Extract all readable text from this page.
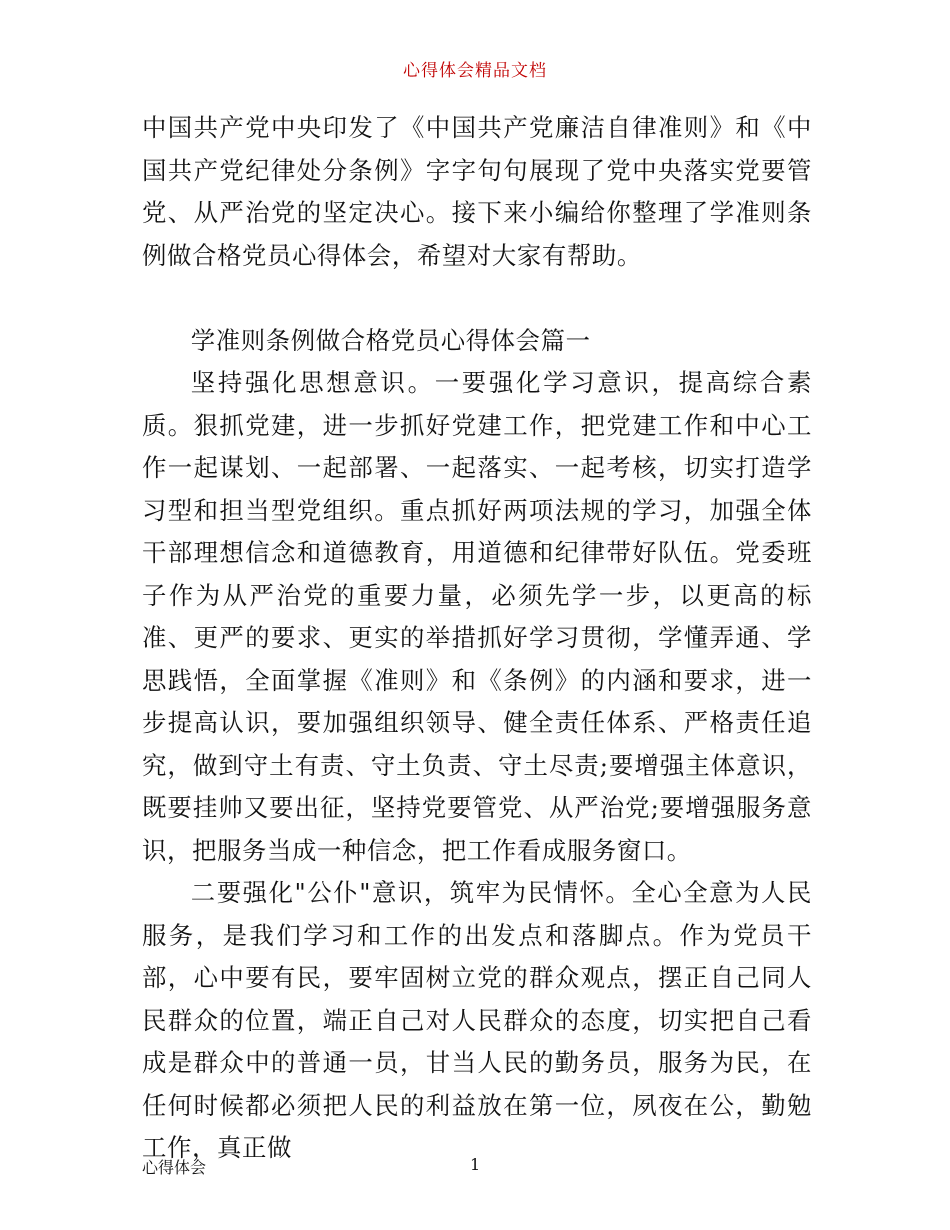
心得体会精品文档

中国共产党中央印发了《中国共产党廉洁自律准则》和《中国共产党纪律处分条例》字字句句展现了党中央落实党要管党、从严治党的坚定决心。接下来小编给你整理了学准则条例做合格党员心得体会，希望对大家有帮助。

学准则条例做合格党员心得体会篇一

坚持强化思想意识。一要强化学习意识，提高综合素质。狠抓党建，进一步抓好党建工作，把党建工作和中心工作一起谋划、一起部署、一起落实、一起考核，切实打造学习型和担当型党组织。重点抓好两项法规的学习，加强全体干部理想信念和道德教育，用道德和纪律带好队伍。党委班子作为从严治党的重要力量，必须先学一步，以更高的标准、更严的要求、更实的举措抓好学习贯彻，学懂弄通、学思践悟，全面掌握《准则》和《条例》的内涵和要求，进一步提高认识，要加强组织领导、健全责任体系、严格责任追究，做到守土有责、守土负责、守土尽责;要增强主体意识，既要挂帅又要出征，坚持党要管党、从严治党;要增强服务意识，把服务当成一种信念，把工作看成服务窗口。

二要强化"公仆"意识，筑牢为民情怀。全心全意为人民服务，是我们学习和工作的出发点和落脚点。作为党员干部，心中要有民，要牢固树立党的群众观点，摆正自己同人民群众的位置，端正自己对人民群众的态度，切实把自己看成是群众中的普通一员，甘当人民的勤务员，服务为民，在任何时候都必须把人民的利益放在第一位，夙夜在公，勤勉工作，真正做

心得体会	1
